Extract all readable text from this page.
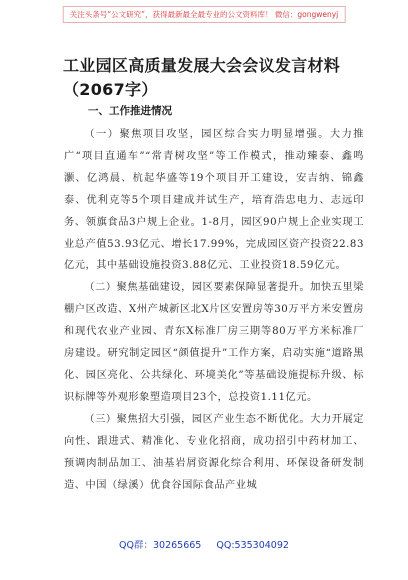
关注头条号“公文研究”，获得最新最全最专业的公文资料库！ 微信：gongwenyj
工业园区高质量发展大会会议发言材料（2067字）
一、工作推进情况

（一）聚焦项目攻坚，园区综合实力明显增强。大力推广“项目直通车”“常青树攻坚”等工作模式，推动臻泰、鑫鸣灏、亿鸿晨、杭起华盛等19个项目开工建设，安吉纳、锦鑫泰、优利克等5个项目建成并试生产，培育浩忠电力、志远印务、领旗食品3户规上企业。1-8月，园区90户规上企业实现工业总产值53.93亿元、增长17.99%，完成园区资产投资22.83亿元，其中基础设施投资3.88亿元、工业投资18.59亿元。

（二）聚焦基础建设，园区要素保障显著提升。加快五里梁棚户区改造、X州产城新区北X片区安置房等30万平方米安置房和现代农业产业园、青东X标准厂房三期等80万平方米标准厂房建设。研究制定园区“颜值提升”工作方案，启动实施“道路黑化、园区亮化、公共绿化、环境美化”等基础设施提标升级、标识标牌等外观形象塑造项目23个，总投资1.11亿元。

（三）聚焦招大引强，园区产业生态不断优化。大力开展定向性、跟进式、精准化、专业化招商，成功招引中药材加工、预调肉制品加工、油基岩屑资源化综合利用、环保设备研发制造、中国（绿溪）优食谷国际食品产业城

QQ群：30265665 QQ:535304092
